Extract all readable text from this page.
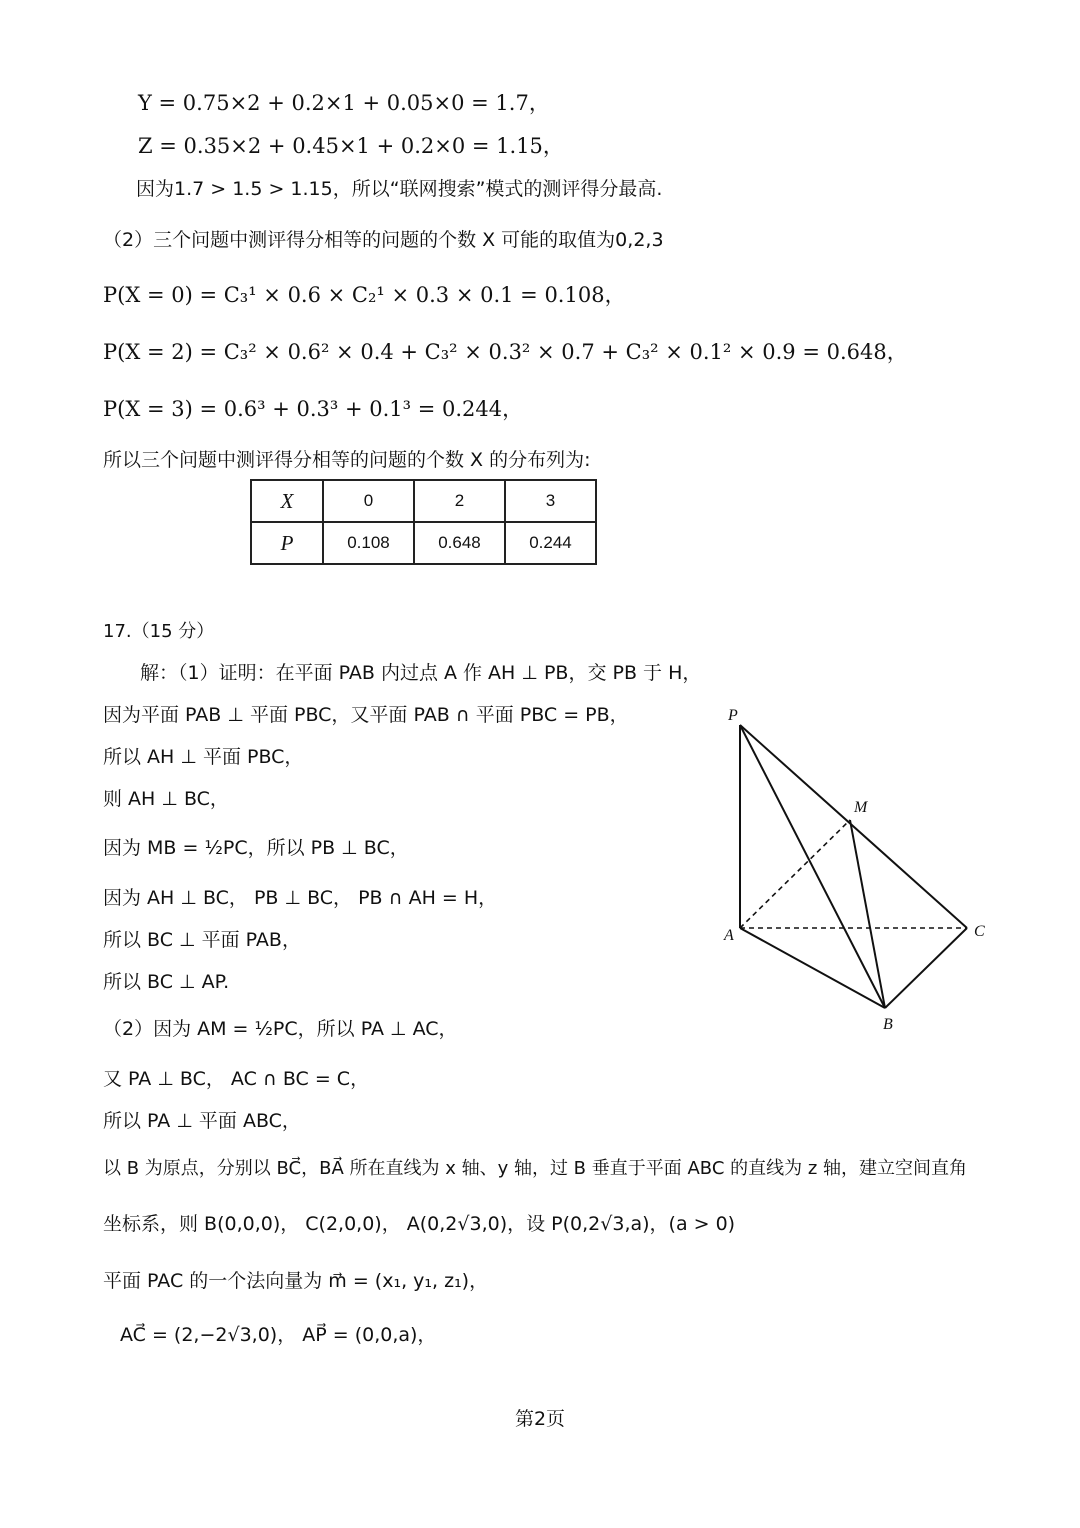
Y = 0.75×2 + 0.2×1 + 0.05×0 = 1.7，
Z = 0.35×2 + 0.45×1 + 0.2×0 = 1.15，
因为1.7 > 1.5 > 1.15，所以“联网搜索”模式的测评得分最高.
（2）三个问题中测评得分相等的问题的个数 X 可能的取值为0,2,3
P(X = 0) = C₃¹ × 0.6 × C₂¹ × 0.3 × 0.1 = 0.108，
P(X = 2) = C₃² × 0.6² × 0.4 + C₃² × 0.3² × 0.7 + C₃² × 0.1² × 0.9 = 0.648，
P(X = 3) = 0.6³ + 0.3³ + 0.1³ = 0.244，
所以三个问题中测评得分相等的问题的个数 X 的分布列为:
X	0	2	3
P	0.108	0.648	0.244
17.（15 分）
解：（1）证明：在平面 PAB 内过点 A 作 AH ⊥ PB，交 PB 于 H，
因为平面 PAB ⊥ 平面 PBC，又平面 PAB ∩ 平面 PBC = PB，
所以 AH ⊥ 平面 PBC，
则 AH ⊥ BC，
因为 MB = ½PC，所以 PB ⊥ BC，
因为 AH ⊥ BC， PB ⊥ BC， PB ∩ AH = H，
所以 BC ⊥ 平面 PAB，
所以 BC ⊥ AP.
（2）因为 AM = ½PC，所以 PA ⊥ AC，
又 PA ⊥ BC， AC ∩ BC = C，
所以 PA ⊥ 平面 ABC，
以 B 为原点，分别以 BC⃗，BA⃗ 所在直线为 x 轴、y 轴，过 B 垂直于平面 ABC 的直线为 z 轴，建立空间直角
坐标系，则 B(0,0,0)， C(2,0,0)， A(0,2√3,0)，设 P(0,2√3,a)，(a > 0)
平面 PAC 的一个法向量为 m⃗ = (x₁, y₁, z₁)，
AC⃗ = (2,−2√3,0)， AP⃗ = (0,0,a)，
P
M
A	C
B
第2页
